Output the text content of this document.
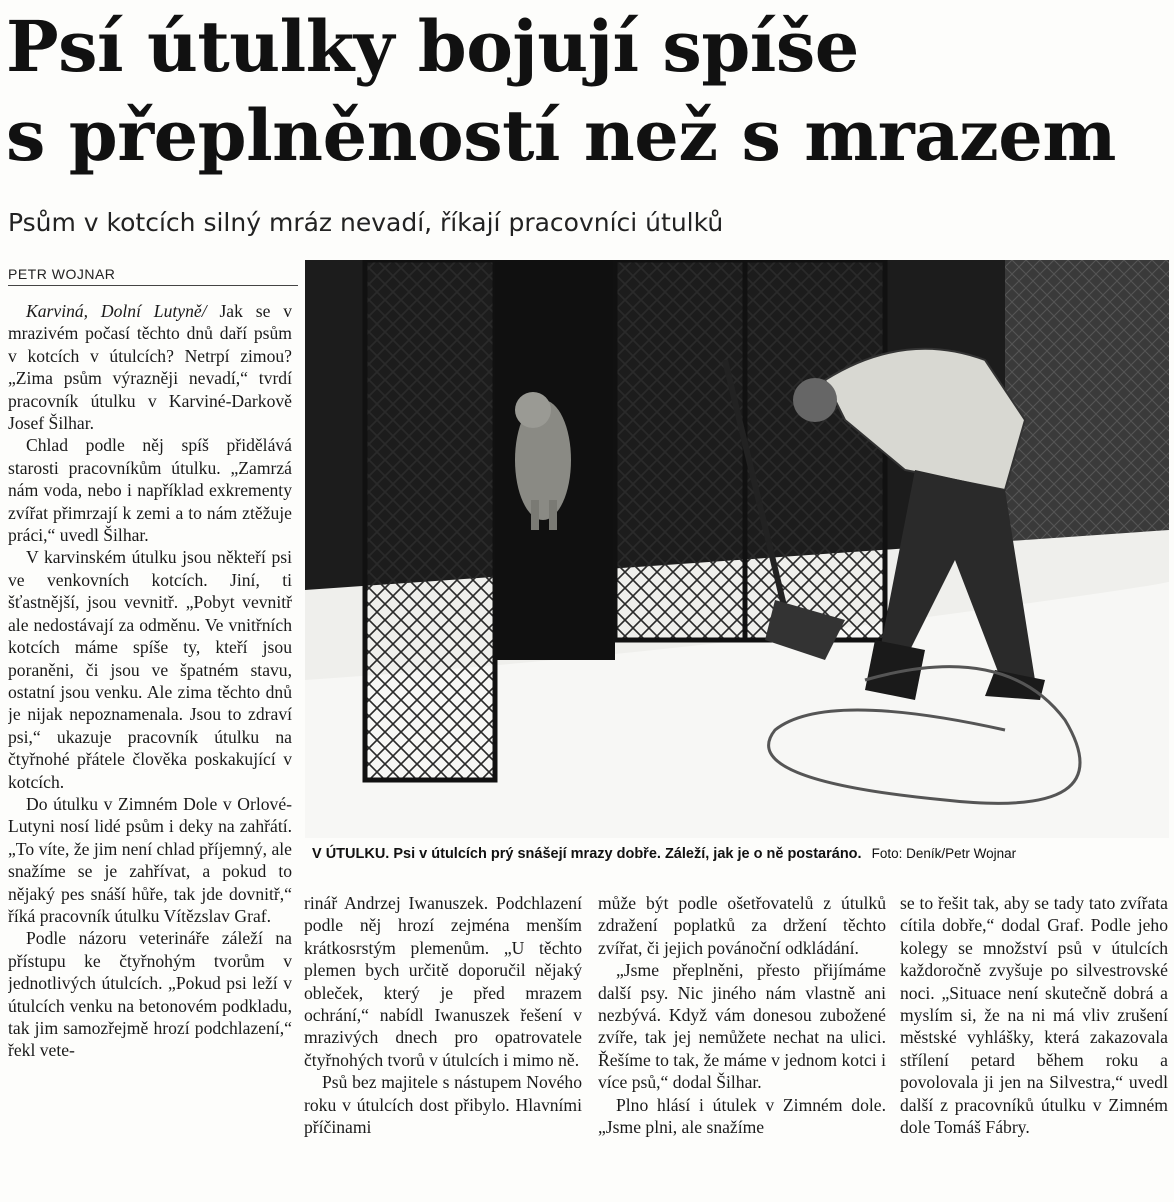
Psí útulky bojují spíše
s přeplněností než s mrazem
Psům v kotcích silný mráz nevadí, říkají pracovníci útulků
PETR WOJNAR

Karviná, Dolní Lutyně/ Jak se v mrazivém počasí těchto dnů daří psům v kotcích v útulcích? Netrpí zimou? „Zima psům výrazněji nevadí,“ tvrdí pracovník útulku v Karviné-Darkově Josef Šilhar.

Chlad podle něj spíš přidělává starosti pracovníkům útulku. „Zamrzá nám voda, nebo i například exkrementy zvířat přimrzají k zemi a to nám ztěžuje práci,“ uvedl Šilhar.

V karvinském útulku jsou někteří psi ve venkovních kotcích. Jiní, ti šťastnější, jsou vevnitř. „Pobyt vevnitř ale nedostávají za odměnu. Ve vnitřních kotcích máme spíše ty, kteří jsou poraněni, či jsou ve špatném stavu, ostatní jsou venku. Ale zima těchto dnů je nijak nepoznamenala. Jsou to zdraví psi,“ ukazuje pracovník útulku na čtyřnohé přátele člověka poskakující v kotcích.

Do útulku v Zimném Dole v Orlové-Lutyni nosí lidé psům i deky na zahřátí. „To víte, že jim není chlad příjemný, ale snažíme se je zahřívat, a pokud to nějaký pes snáší hůře, tak jde dovnitř,“ říká pracovník útulku Vítězslav Graf.

Podle názoru veterináře záleží na přístupu ke čtyřnohým tvorům v jednotlivých útulcích. „Pokud psi leží v útulcích venku na betonovém podkladu, tak jim samozřejmě hrozí podchlazení,“ řekl vete-

V ÚTULKU. Psi v útulcích prý snášejí mrazy dobře. Záleží, jak je o ně postaráno. Foto: Deník/Petr Wojnar

rinář Andrzej Iwanuszek. Podchlazení podle něj hrozí zejména menším krátkosrstým plemenům. „U těchto plemen bych určitě doporučil nějaký obleček, který je před mrazem ochrání,“ nabídl Iwanuszek řešení v mrazivých dnech pro opatrovatele čtyřnohých tvorů v útulcích i mimo ně.

Psů bez majitele s nástupem Nového roku v útulcích dost přibylo. Hlavními příčinami

může být podle ošetřovatelů z útulků zdražení poplatků za držení těchto zvířat, či jejich povánoční odkládání.

„Jsme přeplněni, přesto přijímáme další psy. Nic jiného nám vlastně ani nezbývá. Když vám donesou zubožené zvíře, tak jej nemůžete nechat na ulici. Řešíme to tak, že máme v jednom kotci i více psů,“ dodal Šilhar.

Plno hlásí i útulek v Zimném dole. „Jsme plni, ale snažíme

se to řešit tak, aby se tady tato zvířata cítila dobře,“ dodal Graf. Podle jeho kolegy se množství psů v útulcích každoročně zvyšuje po silvestrovské noci. „Situace není skutečně dobrá a myslím si, že na ni má vliv zrušení městské vyhlášky, která zakazovala střílení petard během roku a povolovala ji jen na Silvestra,“ uvedl další z pracovníků útulku v Zimném dole Tomáš Fábry.
